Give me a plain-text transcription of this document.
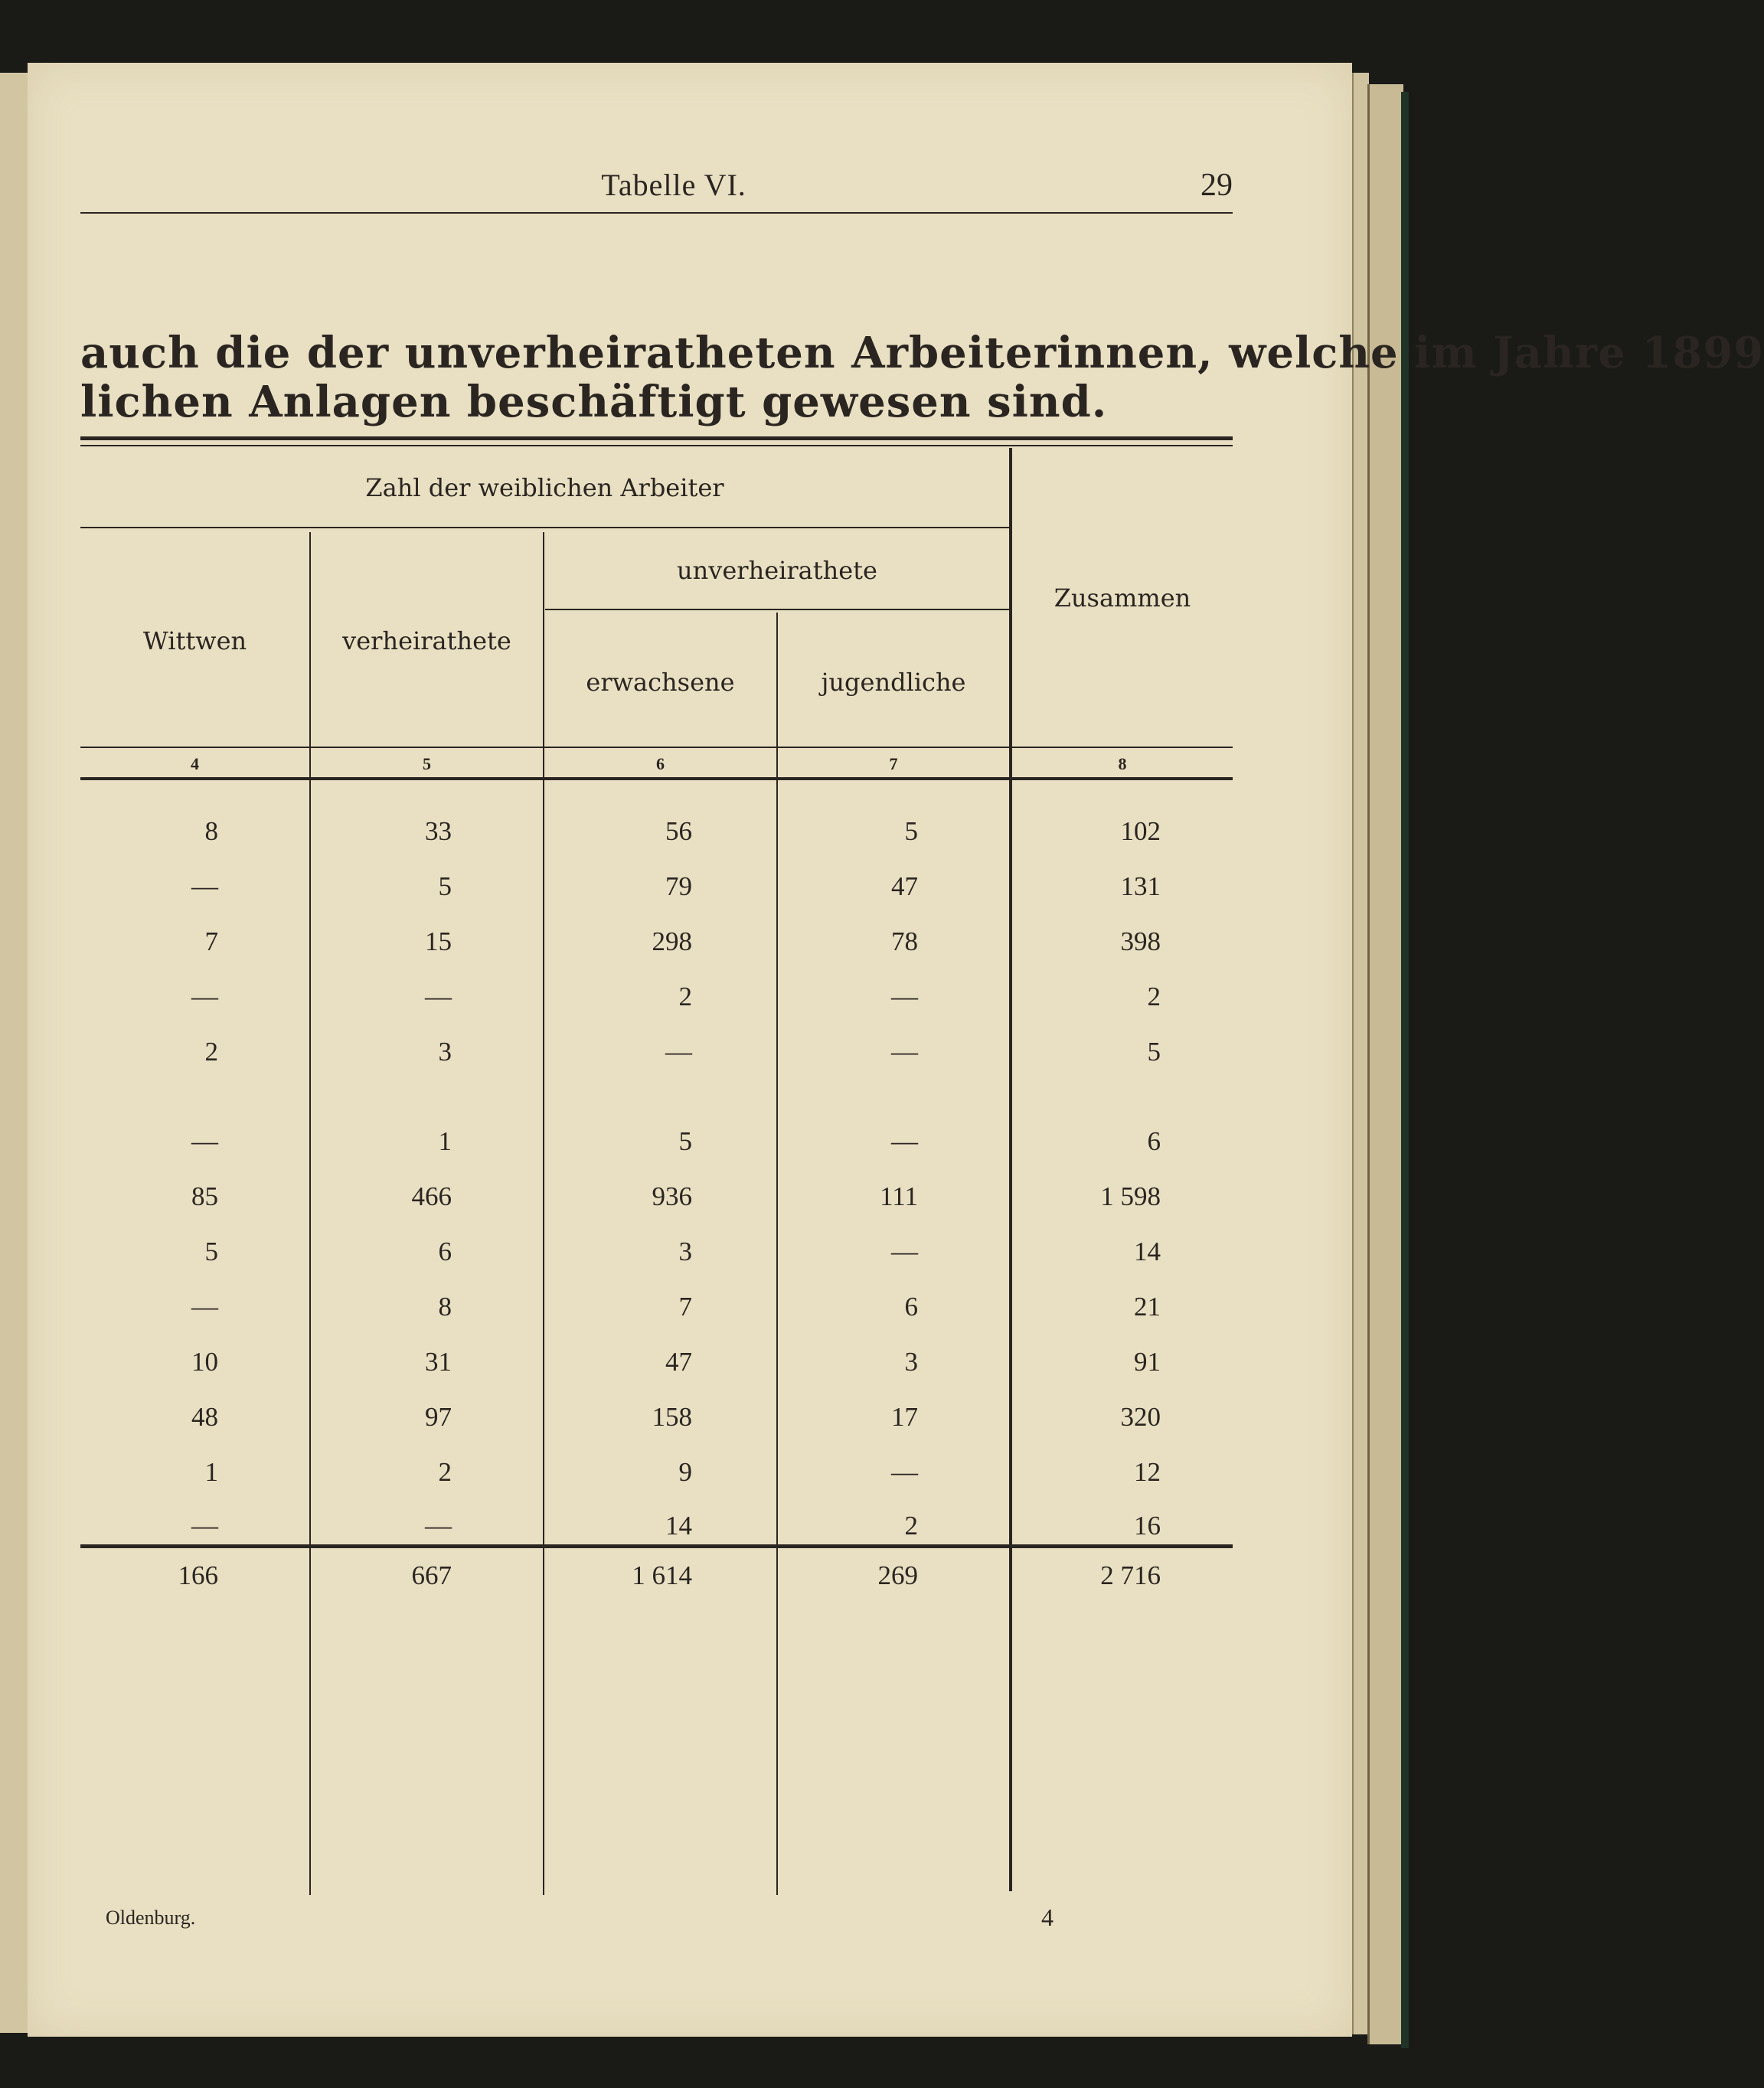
Tabelle VI.	29
auch die der unverheiratheten Arbeiterinnen, welche im Jahre 1899
lichen Anlagen beschäftigt gewesen sind.
Zahl der weiblichen Arbeiter
unverheirathete
Wittwen	verheirathete
erwachsene	jugendliche
Zusammen
4	5	6	7	8
8	33	56	5	102
—	5	79	47	131
7	15	298	78	398
—	—	2	—	2
2	3	—	—	5
—	1	5	—	6
85	466	936	111	1 598
5	6	3	—	14
—	8	7	6	21
10	31	47	3	91
48	97	158	17	320
1	2	9	—	12
—	—	14	2	16
166	667	1 614	269	2 716
Oldenburg.	4
